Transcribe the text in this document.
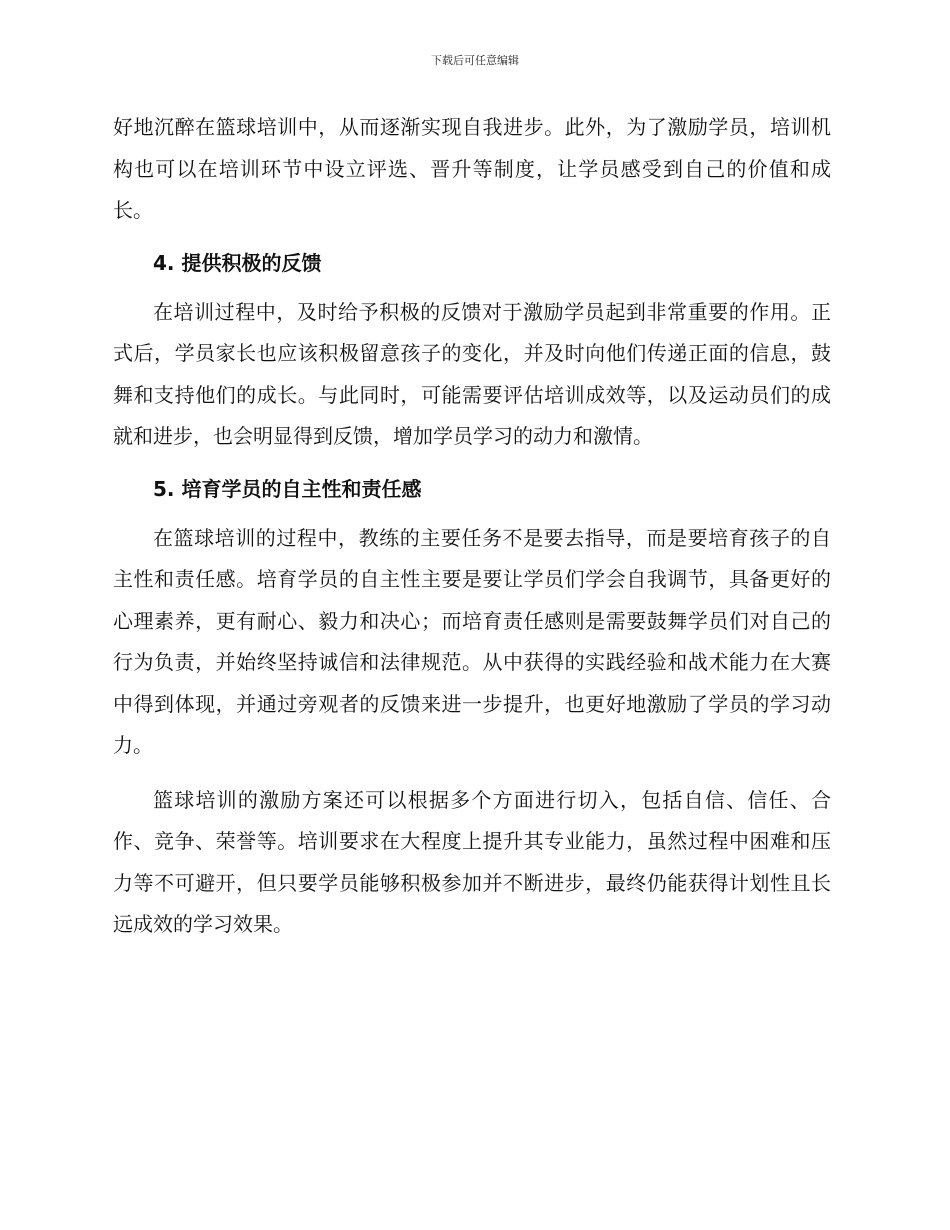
下载后可任意编辑

好地沉醉在篮球培训中，从而逐渐实现自我进步。此外，为了激励学员，培训机构也可以在培训环节中设立评选、晋升等制度，让学员感受到自己的价值和成长。

4. 提供积极的反馈

在培训过程中，及时给予积极的反馈对于激励学员起到非常重要的作用。正式后，学员家长也应该积极留意孩子的变化，并及时向他们传递正面的信息，鼓舞和支持他们的成长。与此同时，可能需要评估培训成效等，以及运动员们的成就和进步，也会明显得到反馈，增加学员学习的动力和激情。

5. 培育学员的自主性和责任感

在篮球培训的过程中，教练的主要任务不是要去指导，而是要培育孩子的自主性和责任感。培育学员的自主性主要是要让学员们学会自我调节，具备更好的心理素养，更有耐心、毅力和决心；而培育责任感则是需要鼓舞学员们对自己的行为负责，并始终坚持诚信和法律规范。从中获得的实践经验和战术能力在大赛中得到体现，并通过旁观者的反馈来进一步提升，也更好地激励了学员的学习动力。

篮球培训的激励方案还可以根据多个方面进行切入，包括自信、信任、合作、竞争、荣誉等。培训要求在大程度上提升其专业能力，虽然过程中困难和压力等不可避开，但只要学员能够积极参加并不断进步，最终仍能获得计划性且长远成效的学习效果。
